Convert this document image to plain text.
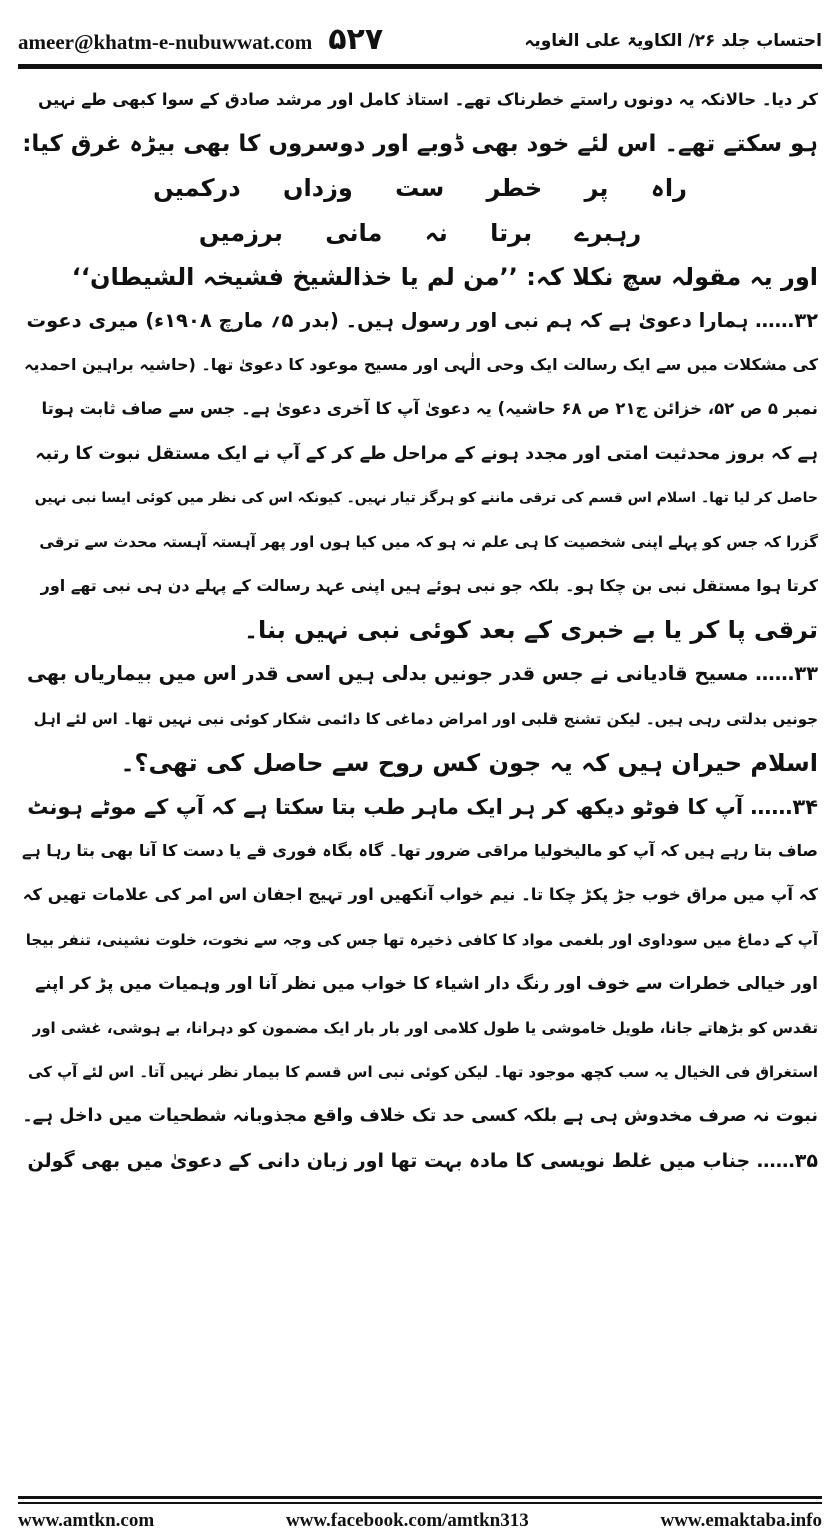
ameer@khatm-e-nubuwwat.com ۵۲۷	احتساب جلد ۲۶/ الکاویۃ علی الغاویہ
کر دیا۔ حالانکہ یہ دونوں راستے خطرناک تھے۔ استاذ کامل اور مرشد صادق کے سوا کبھی طے نہیں
ہو سکتے تھے۔ اس لئے خود بھی ڈوبے اور دوسروں کا بھی بیڑہ غرق کیا:
راہ پر خطر ست وزداں درکمیں
رہبرے برتا نہ مانی برزمیں
اور یہ مقولہ سچ نکلا کہ: ’’من لم یا خذالشیخ فشیخہ الشیطان‘‘
۳۲…… ہمارا دعویٰ ہے کہ ہم نبی اور رسول ہیں۔ (بدر ۵؍ مارچ ۱۹۰۸ء) میری دعوت
کی مشکلات میں سے ایک رسالت ایک وحی الٰہی اور مسیح موعود کا دعویٰ تھا۔ (حاشیہ براہین احمدیہ
نمبر ۵ ص ۵۲، خزائن ج۲۱ ص ۶۸ حاشیہ) یہ دعویٰ آپ کا آخری دعویٰ ہے۔ جس سے صاف ثابت ہوتا
ہے کہ بروز محدثیت امتی اور مجدد ہونے کے مراحل طے کر کے آپ نے ایک مستقل نبوت کا رتبہ
حاصل کر لیا تھا۔ اسلام اس قسم کی ترقی ماننے کو ہرگز تیار نہیں۔ کیونکہ اس کی نظر میں کوئی ایسا نبی نہیں
گزرا کہ جس کو پہلے اپنی شخصیت کا ہی علم نہ ہو کہ میں کیا ہوں اور پھر آہستہ آہستہ محدث سے ترقی
کرتا ہوا مستقل نبی بن چکا ہو۔ بلکہ جو نبی ہوئے ہیں اپنی عہد رسالت کے پہلے دن ہی نبی تھے اور
ترقی پا کر یا بے خبری کے بعد کوئی نبی نہیں بنا۔
۳۳…… مسیح قادیانی نے جس قدر جونیں بدلی ہیں اسی قدر اس میں بیماریاں بھی
جونیں بدلتی رہی ہیں۔ لیکن تشنج قلبی اور امراض دماغی کا دائمی شکار کوئی نبی نہیں تھا۔ اس لئے اہل
اسلام حیران ہیں کہ یہ جون کس روح سے حاصل کی تھی؟۔
۳۴…… آپ کا فوٹو دیکھ کر ہر ایک ماہر طب بتا سکتا ہے کہ آپ کے موٹے ہونٹ
صاف بتا رہے ہیں کہ آپ کو مالیخولیا مراقی ضرور تھا۔ گاہ بگاہ فوری قے یا دست کا آنا بھی بتا رہا ہے
کہ آپ میں مراق خوب جڑ پکڑ چکا تا۔ نیم خواب آنکھیں اور تہیج اجفان اس امر کی علامات تھیں کہ
آپ کے دماغ میں سوداوی اور بلغمی مواد کا کافی ذخیرہ تھا جس کی وجہ سے نخوت، خلوت نشینی، تنفر بیجا
اور خیالی خطرات سے خوف اور رنگ دار اشیاء کا خواب میں نظر آنا اور وہمیات میں پڑ کر اپنے
تقدس کو بڑھاتے جانا، طویل خاموشی یا طول کلامی اور بار بار ایک مضمون کو دہرانا، بے ہوشی، غشی اور
استغراق فی الخیال یہ سب کچھ موجود تھا۔ لیکن کوئی نبی اس قسم کا بیمار نظر نہیں آتا۔ اس لئے آپ کی
نبوت نہ صرف مخدوش ہی ہے بلکہ کسی حد تک خلاف واقع مجذوبانہ شطحیات میں داخل ہے۔
۳۵…… جناب میں غلط نویسی کا مادہ بہت تھا اور زبان دانی کے دعویٰ میں بھی گولن
www.amtkn.com	www.facebook.com/amtkn313	www.emaktaba.info
